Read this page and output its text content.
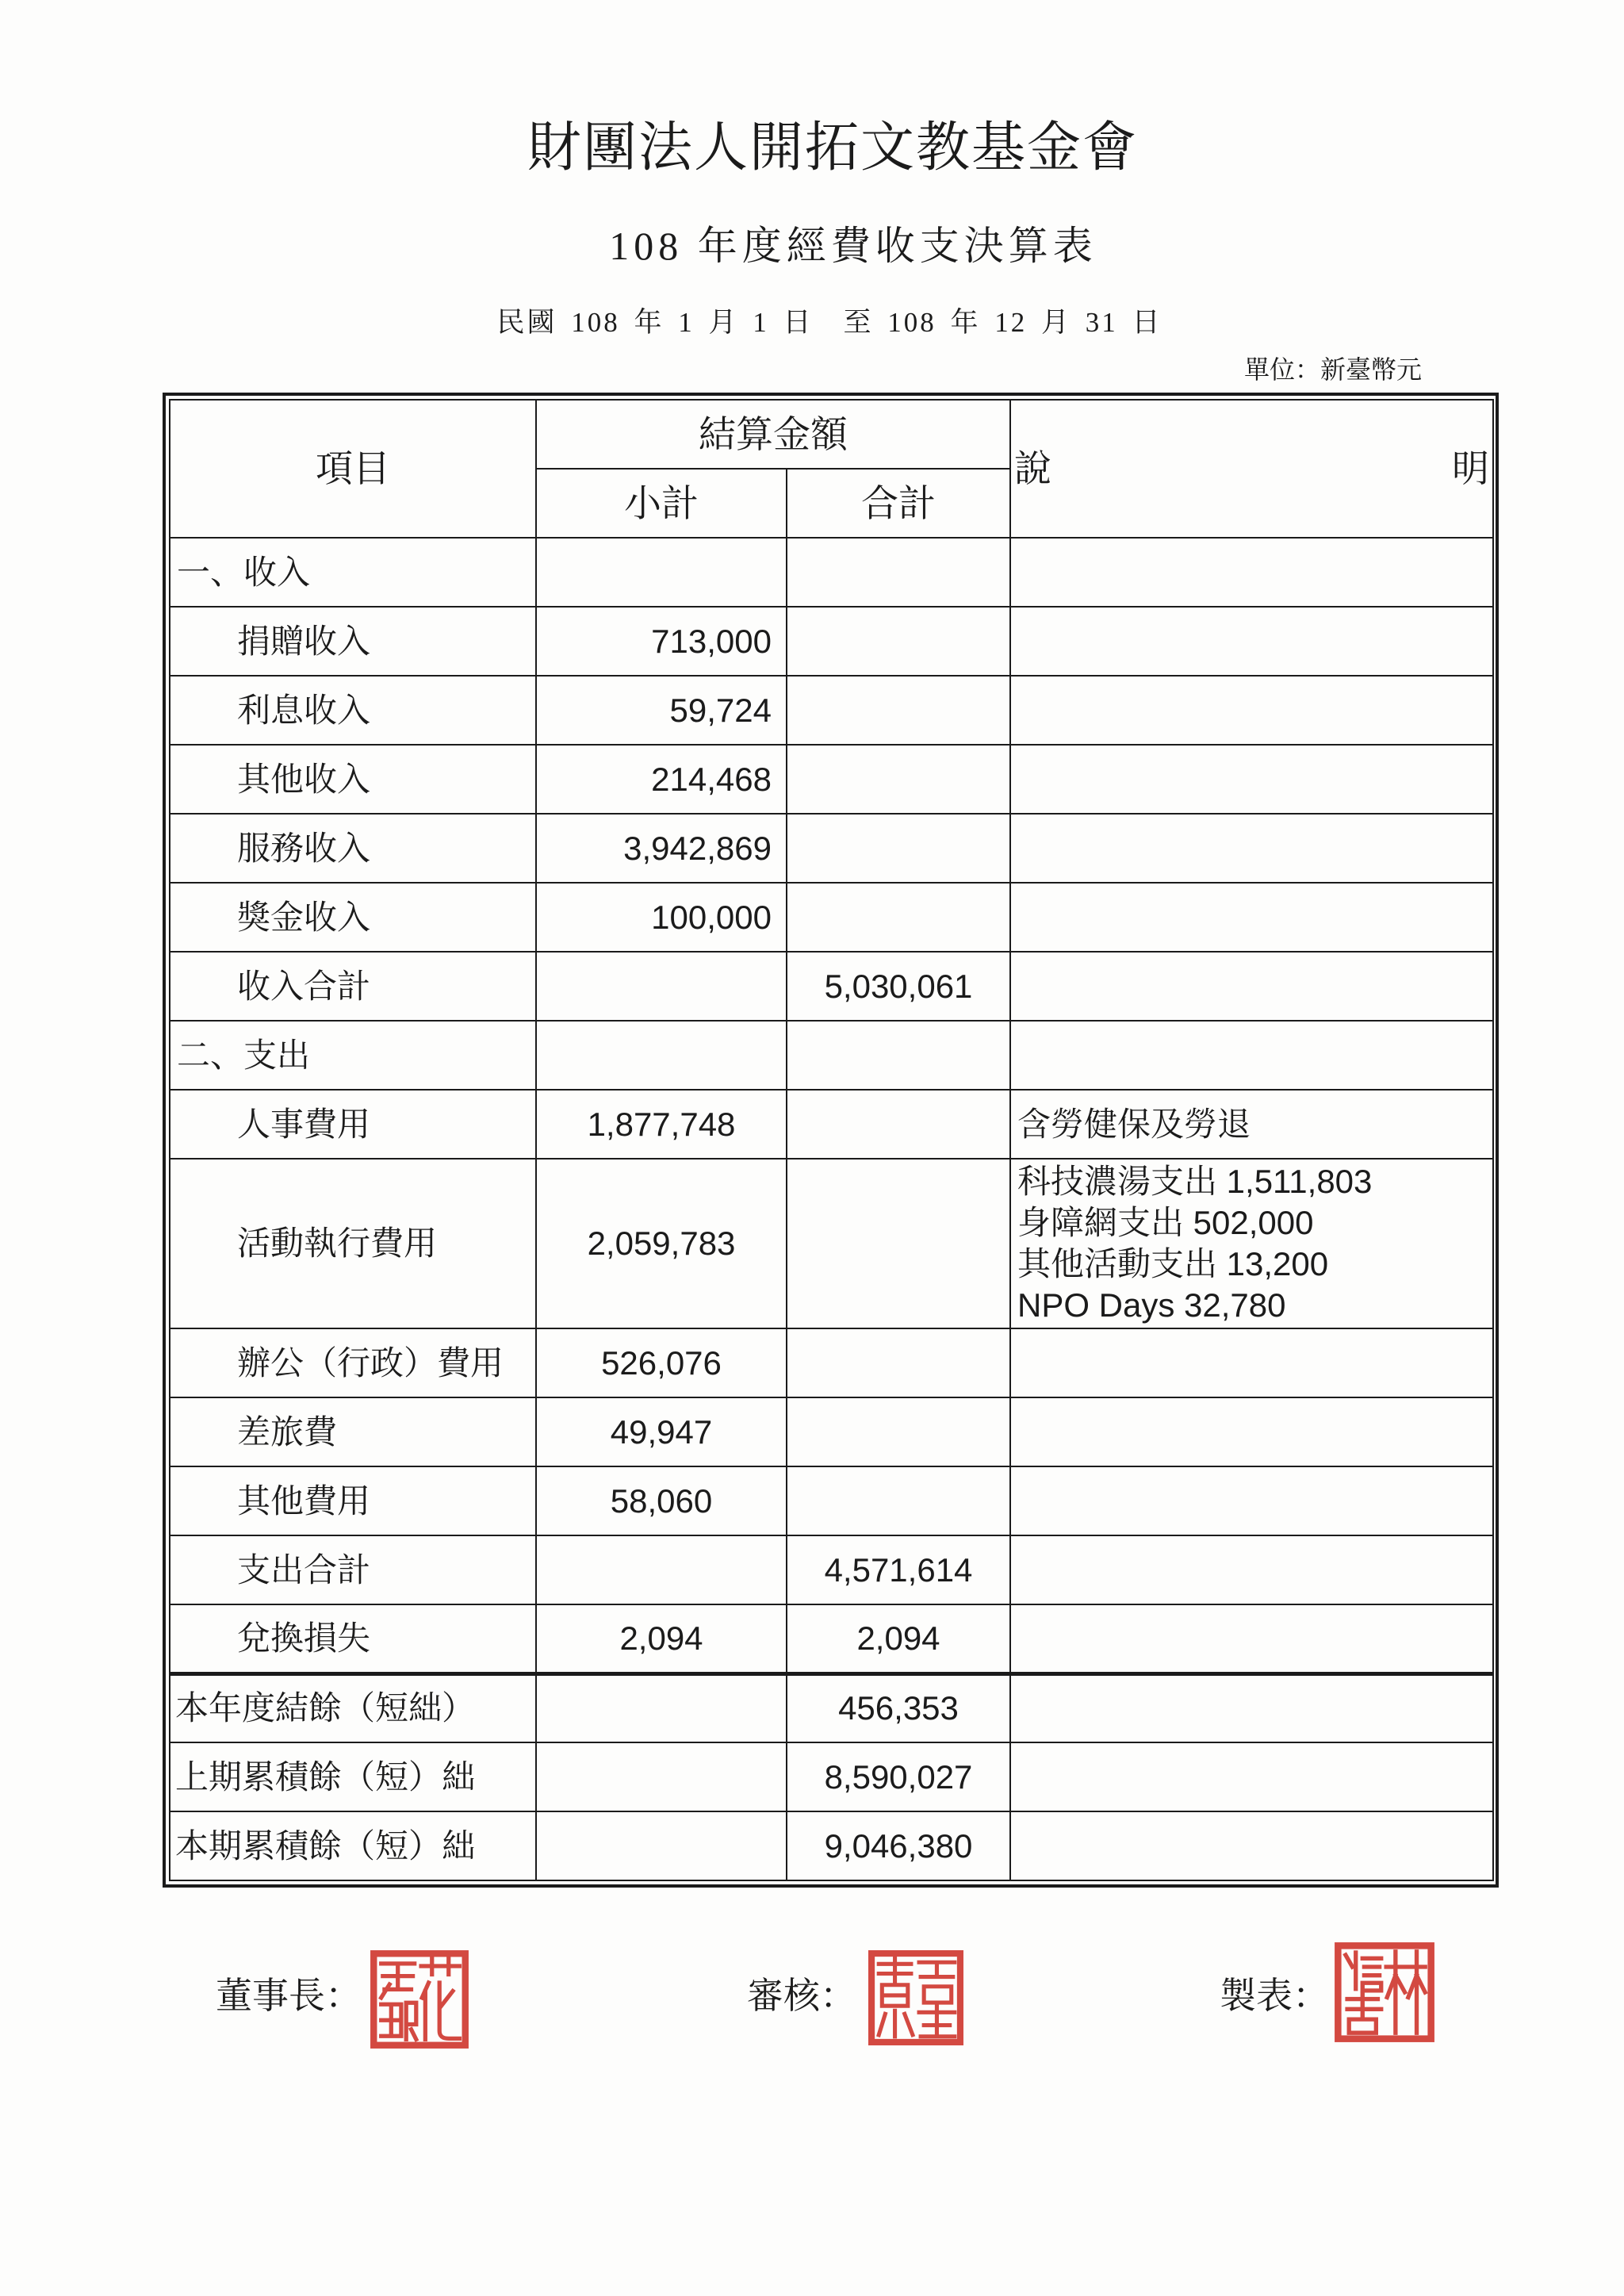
財團法人開拓文教基金會
108 年度經費收支決算表
民國 108 年 1 月 1 日　至 108 年 12 月 31 日
單位：新臺幣元
項目	結算金額		說 明

	小計	合計	
一、收入			
捐贈收入	713,000		
利息收入	59,724		
其他收入	214,468		
服務收入	3,942,869		
獎金收入	100,000		
收入合計		5,030,061	
二、支出			
人事費用	1,877,748		含勞健保及勞退
活動執行費用	2,059,783		科技濃湯支出 1,511,803
身障網支出 502,000
其他活動支出 13,200
NPO Days 32,780

辦公（行政）費用	526,076		
差旅費	49,947		
其他費用	58,060		
支出合計		4,571,614	
兌換損失	2,094	2,094	
本年度結餘（短絀）		456,353	
上期累積餘（短）絀		8,590,027	
本期累積餘（短）絀		9,046,380	
董事長：	審核：	製表：
